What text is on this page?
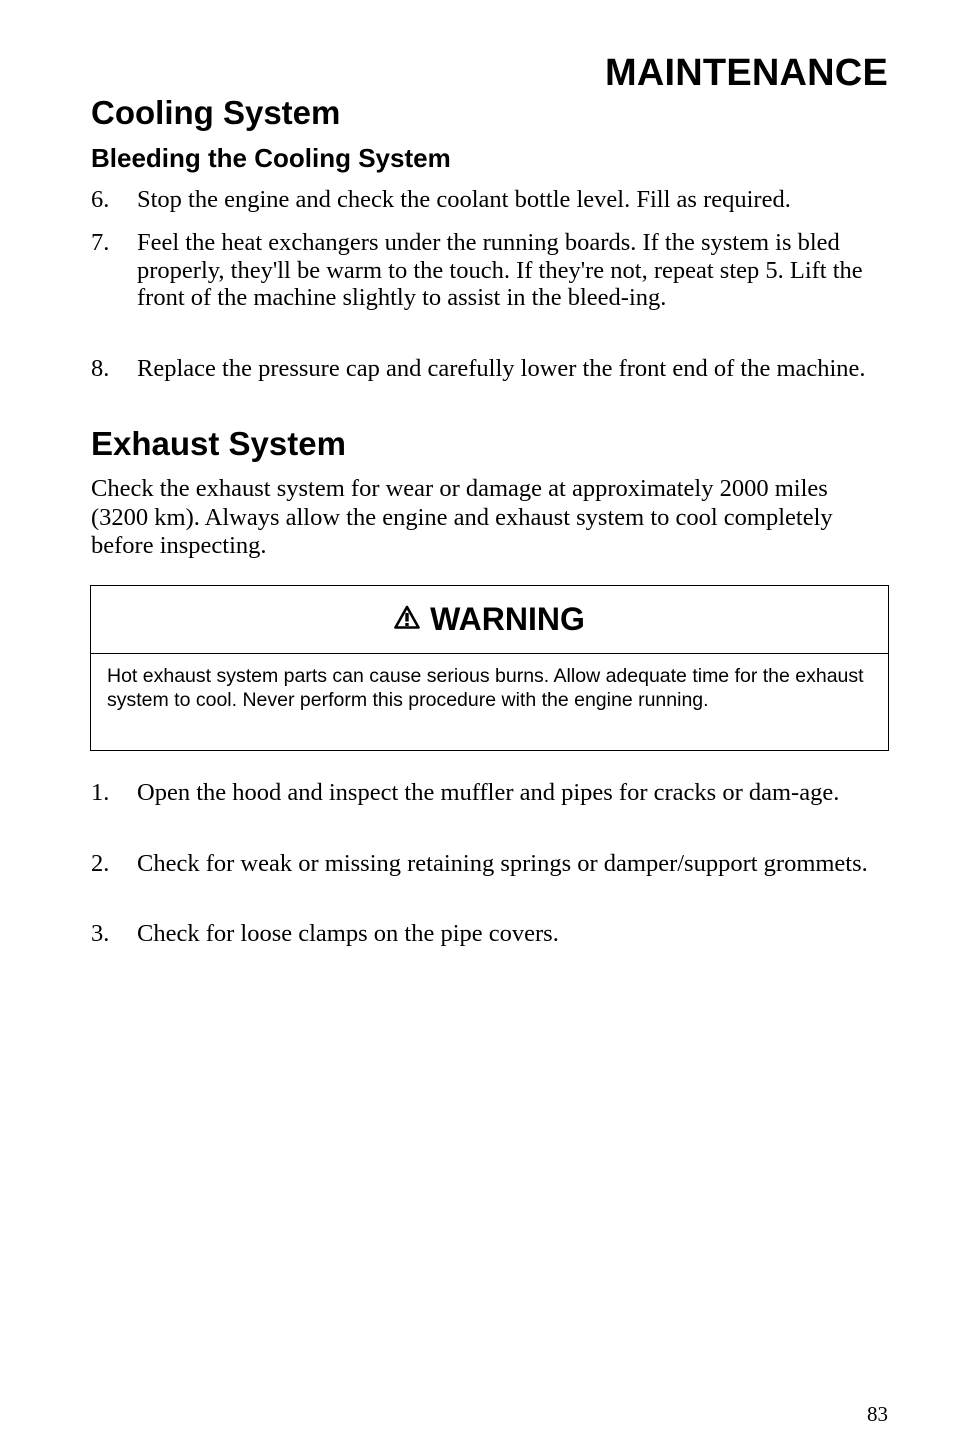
MAINTENANCE
Cooling System
Bleeding the Cooling System
6. Stop the engine and check the coolant bottle level. Fill as required.
7. Feel the heat exchangers under the running boards. If the system is bled properly, they'll be warm to the touch. If they're not, repeat step 5. Lift the front of the machine slightly to assist in the bleed-ing.
8. Replace the pressure cap and carefully lower the front end of the machine.
Exhaust System
Check the exhaust system for wear or damage at approximately 2000 miles (3200 km). Always allow the engine and exhaust system to cool completely before inspecting.
WARNING
Hot exhaust system parts can cause serious burns. Allow adequate time for the exhaust system to cool. Never perform this procedure with the engine running.
1. Open the hood and inspect the muffler and pipes for cracks or dam-age.
2. Check for weak or missing retaining springs or damper/support grommets.
3. Check for loose clamps on the pipe covers.
83
